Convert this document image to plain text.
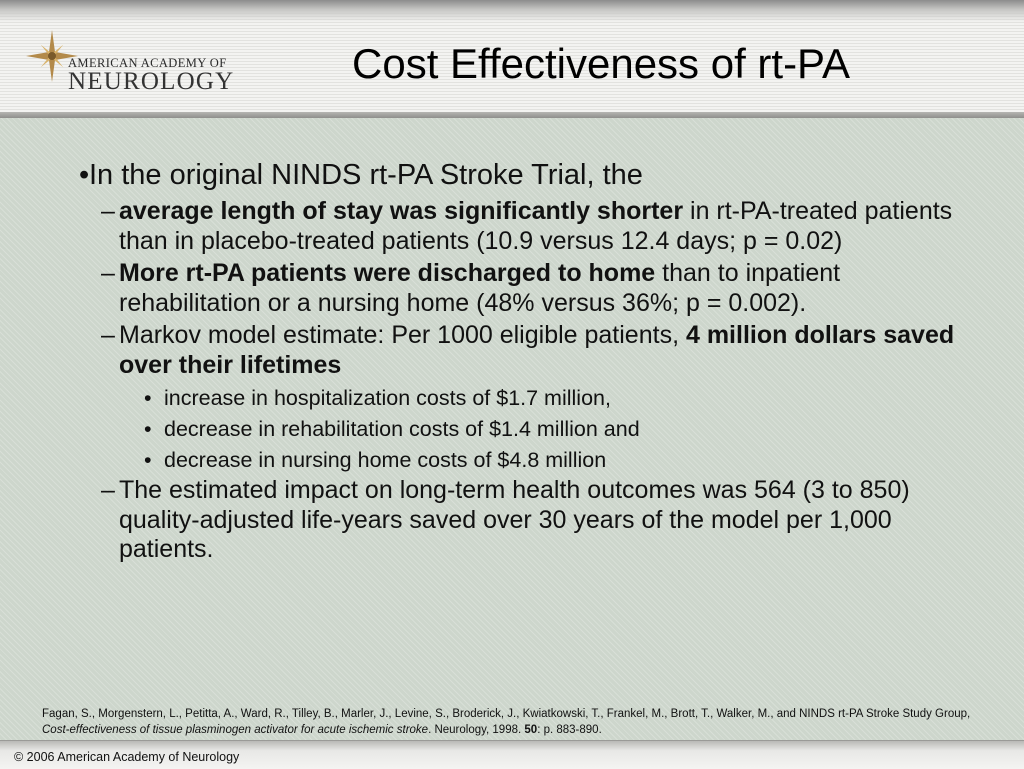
AMERICAN ACADEMY OF
NEUROLOGY	Cost Effectiveness of rt-PA
• In the original NINDS rt-PA Stroke Trial, the
– average length of stay was significantly shorter in rt-PA-treated patients than in placebo-treated patients (10.9 versus 12.4 days; p = 0.02)
– More rt-PA patients were discharged to home than to inpatient rehabilitation or a nursing home (48% versus 36%; p = 0.002).
– Markov model estimate: Per 1000 eligible patients, 4 million dollars saved over their lifetimes
• increase in hospitalization costs of $1.7 million,
• decrease in rehabilitation costs of $1.4 million and
• decrease in nursing home costs of $4.8 million
– The estimated impact on long-term health outcomes was 564 (3 to 850) quality-adjusted life-years saved over 30 years of the model per 1,000 patients.
Fagan, S., Morgenstern, L., Petitta, A., Ward, R., Tilley, B., Marler, J., Levine, S., Broderick, J., Kwiatkowski, T., Frankel, M., Brott, T., Walker, M., and NINDS rt-PA Stroke Study Group, Cost-effectiveness of tissue plasminogen activator for acute ischemic stroke. Neurology, 1998. 50: p. 883-890.
© 2006 American Academy of Neurology
